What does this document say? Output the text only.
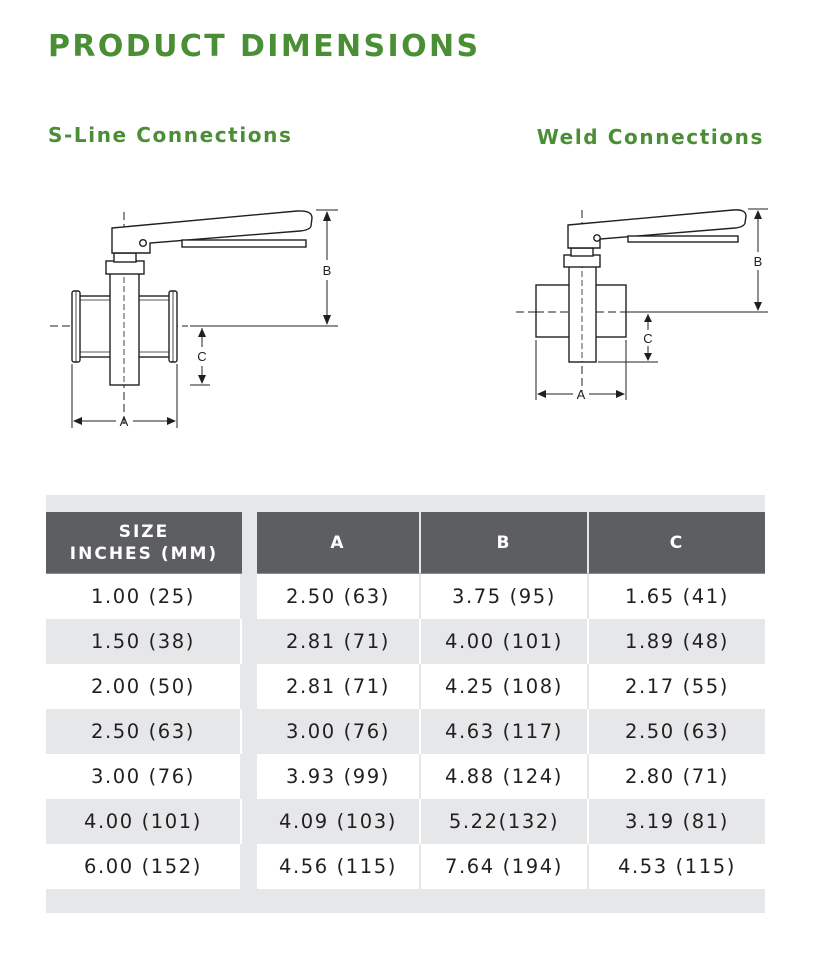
PRODUCT DIMENSIONS
S-Line Connections	Weld Connections
B
C
A
B
C
A
SIZE
INCHES (MM)		A	B	C
1.00 (25)		2.50 (63)	3.75 (95)	1.65 (41)
1.50 (38)		2.81 (71)	4.00 (101)	1.89 (48)
2.00 (50)		2.81 (71)	4.25 (108)	2.17 (55)
2.50 (63)		3.00 (76)	4.63 (117)	2.50 (63)
3.00 (76)		3.93 (99)	4.88 (124)	2.80 (71)
4.00 (101)		4.09 (103)	5.22(132)	3.19 (81)
6.00 (152)		4.56 (115)	7.64 (194)	4.53 (115)
